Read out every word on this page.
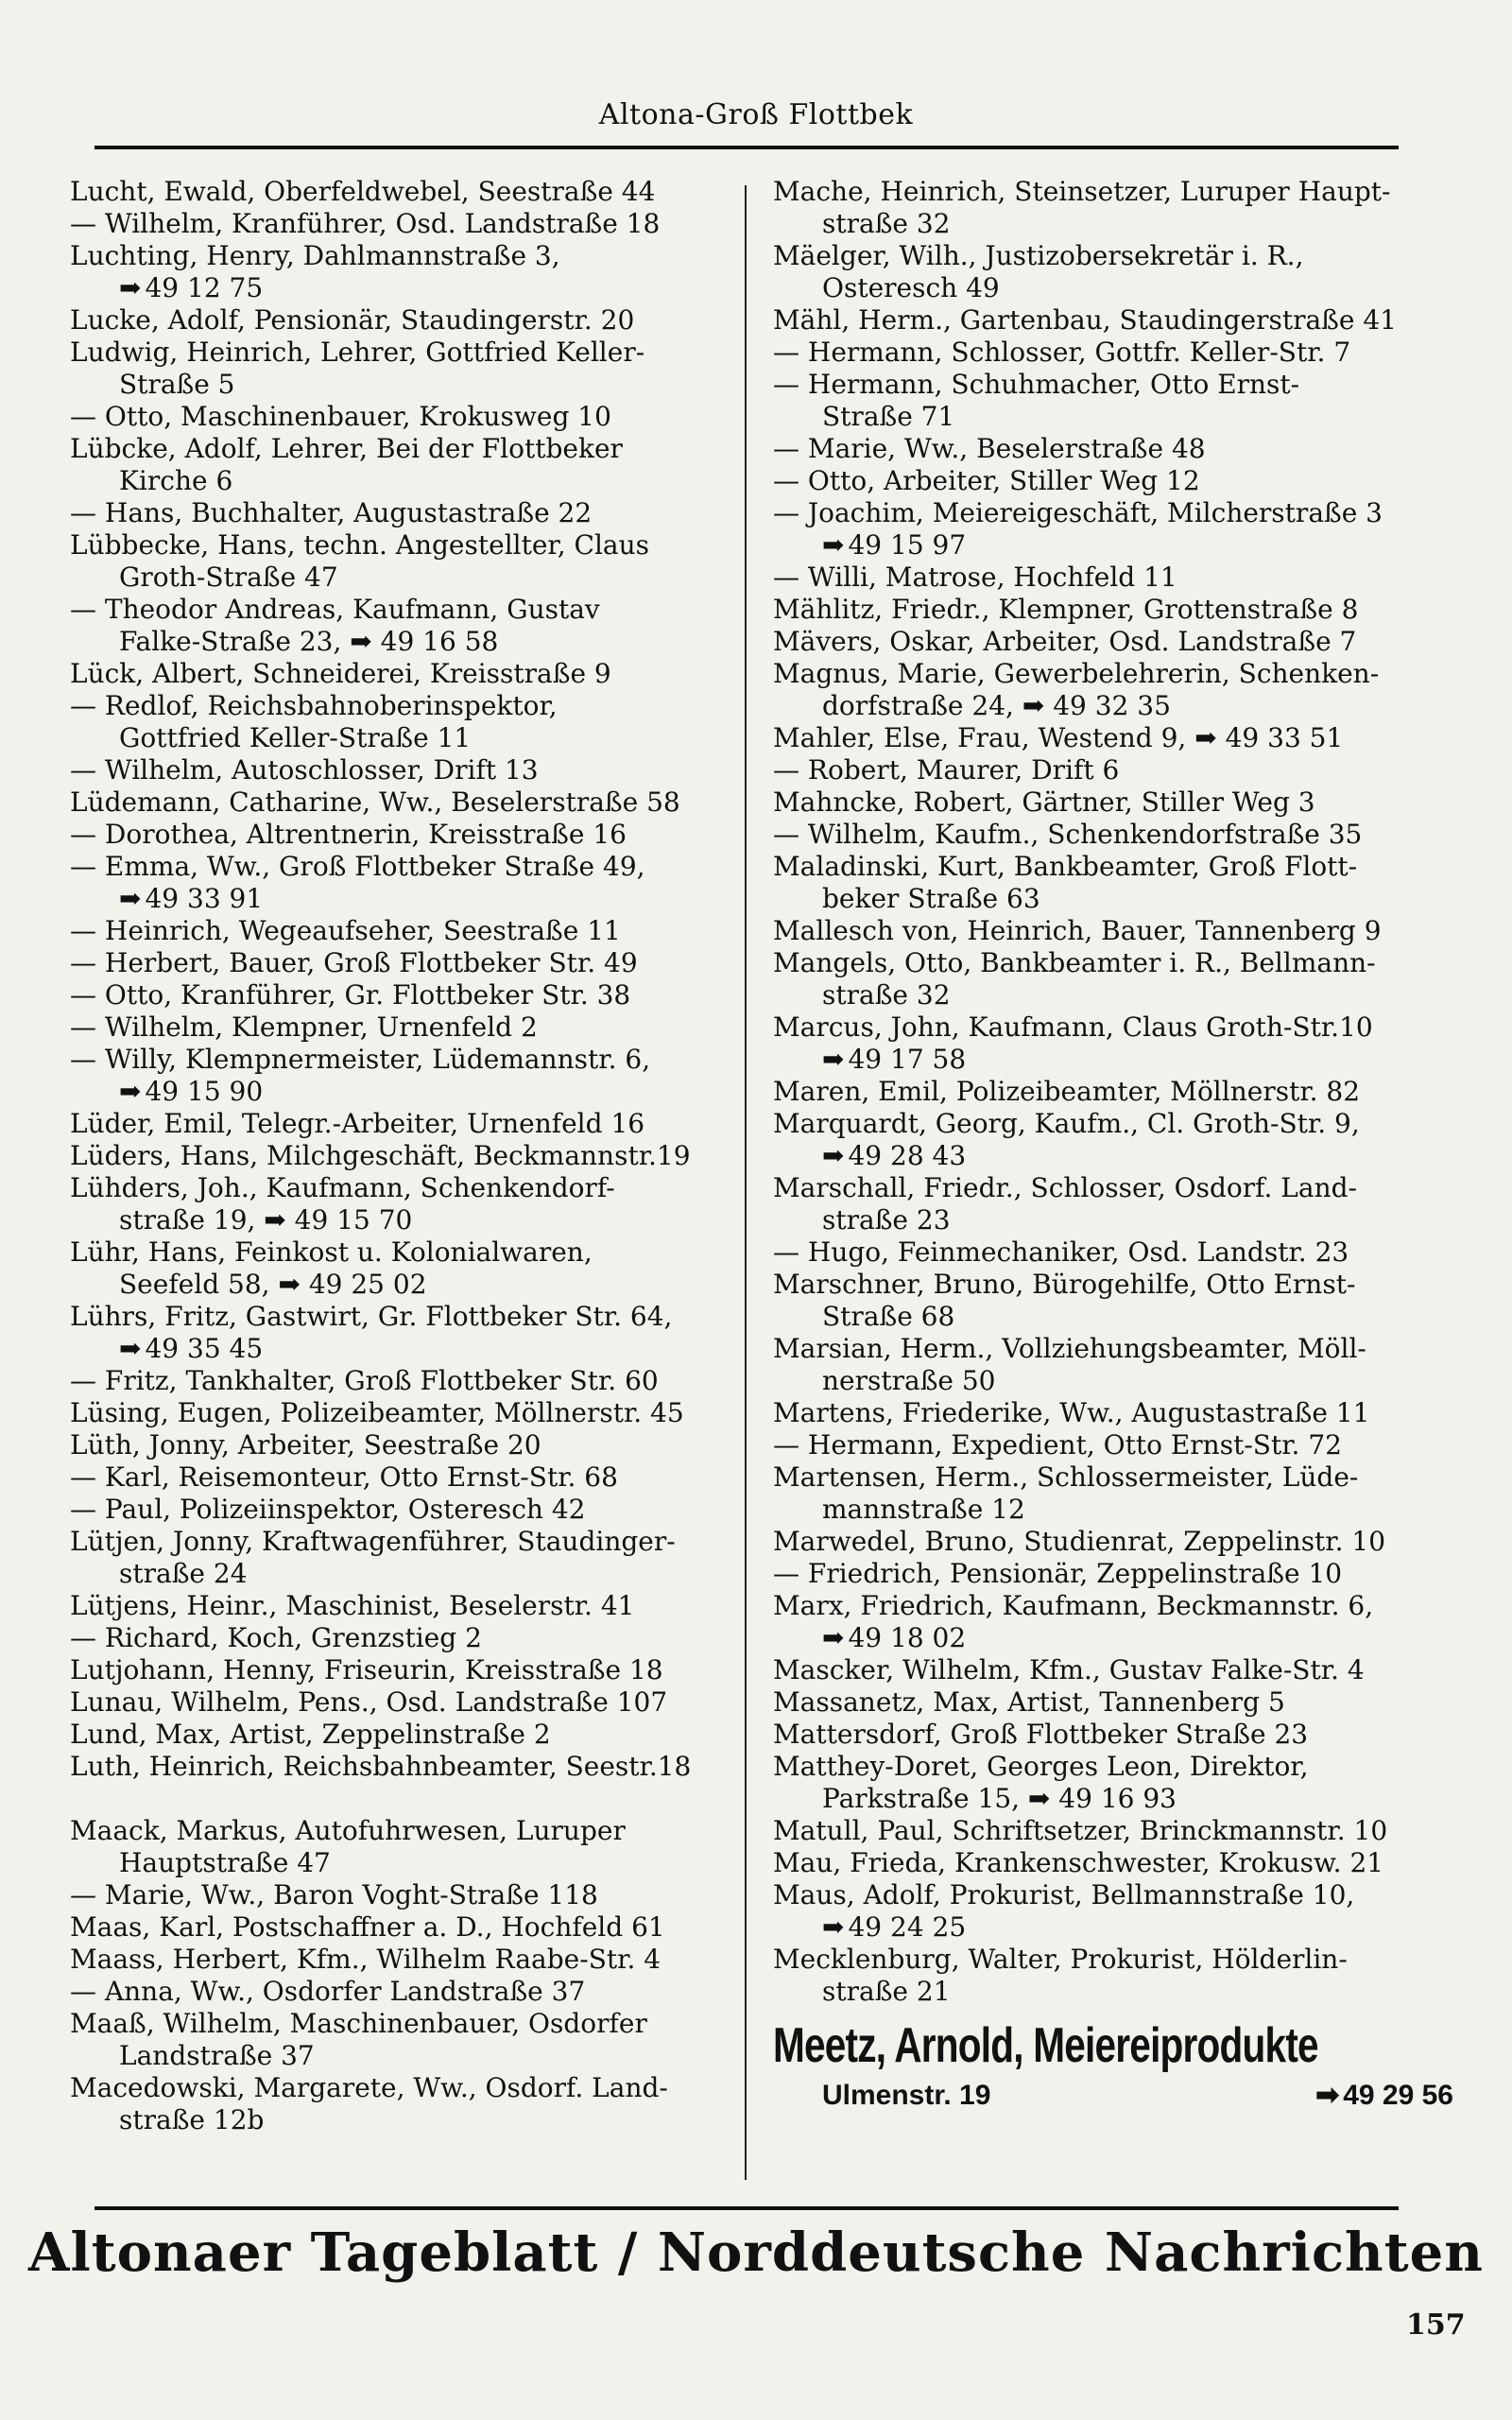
Altona-Groß Flottbek
Lucht, Ewald, Oberfeldwebel, Seestraße 44
— Wilhelm, Kranführer, Osd. Landstraße 18
Luchting, Henry, Dahlmannstraße 3,
➡ 49 12 75
Lucke, Adolf, Pensionär, Staudingerstr. 20
Ludwig, Heinrich, Lehrer, Gottfried Keller-
Straße 5
— Otto, Maschinenbauer, Krokusweg 10
Lübcke, Adolf, Lehrer, Bei der Flottbeker
Kirche 6
— Hans, Buchhalter, Augustastraße 22
Lübbecke, Hans, techn. Angestellter, Claus
Groth-Straße 47
— Theodor Andreas, Kaufmann, Gustav
Falke-Straße 23, ➡ 49 16 58
Lück, Albert, Schneiderei, Kreisstraße 9
— Redlof, Reichsbahnoberinspektor,
Gottfried Keller-Straße 11
— Wilhelm, Autoschlosser, Drift 13
Lüdemann, Catharine, Ww., Beselerstraße 58
— Dorothea, Altrentnerin, Kreisstraße 16
— Emma, Ww., Groß Flottbeker Straße 49,
➡ 49 33 91
— Heinrich, Wegeaufseher, Seestraße 11
— Herbert, Bauer, Groß Flottbeker Str. 49
— Otto, Kranführer, Gr. Flottbeker Str. 38
— Wilhelm, Klempner, Urnenfeld 2
— Willy, Klempnermeister, Lüdemannstr. 6,
➡ 49 15 90
Lüder, Emil, Telegr.-Arbeiter, Urnenfeld 16
Lüders, Hans, Milchgeschäft, Beckmannstr.19
Lühders, Joh., Kaufmann, Schenkendorf-
straße 19, ➡ 49 15 70
Lühr, Hans, Feinkost u. Kolonialwaren,
Seefeld 58, ➡ 49 25 02
Lührs, Fritz, Gastwirt, Gr. Flottbeker Str. 64,
➡ 49 35 45
— Fritz, Tankhalter, Groß Flottbeker Str. 60
Lüsing, Eugen, Polizeibeamter, Möllnerstr. 45
Lüth, Jonny, Arbeiter, Seestraße 20
— Karl, Reisemonteur, Otto Ernst-Str. 68
— Paul, Polizeiinspektor, Osteresch 42
Lütjen, Jonny, Kraftwagenführer, Staudinger-
straße 24
Lütjens, Heinr., Maschinist, Beselerstr. 41
— Richard, Koch, Grenzstieg 2
Lutjohann, Henny, Friseurin, Kreisstraße 18
Lunau, Wilhelm, Pens., Osd. Landstraße 107
Lund, Max, Artist, Zeppelinstraße 2
Luth, Heinrich, Reichsbahnbeamter, Seestr.18
Maack, Markus, Autofuhrwesen, Luruper
Hauptstraße 47
— Marie, Ww., Baron Voght-Straße 118
Maas, Karl, Postschaffner a. D., Hochfeld 61
Maass, Herbert, Kfm., Wilhelm Raabe-Str. 4
— Anna, Ww., Osdorfer Landstraße 37
Maaß, Wilhelm, Maschinenbauer, Osdorfer
Landstraße 37
Macedowski, Margarete, Ww., Osdorf. Land-
straße 12b
Mache, Heinrich, Steinsetzer, Luruper Haupt-
straße 32
Mäelger, Wilh., Justizobersekretär i. R.,
Osteresch 49
Mähl, Herm., Gartenbau, Staudingerstraße 41
— Hermann, Schlosser, Gottfr. Keller-Str. 7
— Hermann, Schuhmacher, Otto Ernst-
Straße 71
— Marie, Ww., Beselerstraße 48
— Otto, Arbeiter, Stiller Weg 12
— Joachim, Meiereigeschäft, Milcherstraße 3
➡ 49 15 97
— Willi, Matrose, Hochfeld 11
Mählitz, Friedr., Klempner, Grottenstraße 8
Mävers, Oskar, Arbeiter, Osd. Landstraße 7
Magnus, Marie, Gewerbelehrerin, Schenken-
dorfstraße 24, ➡ 49 32 35
Mahler, Else, Frau, Westend 9, ➡ 49 33 51
— Robert, Maurer, Drift 6
Mahncke, Robert, Gärtner, Stiller Weg 3
— Wilhelm, Kaufm., Schenkendorfstraße 35
Maladinski, Kurt, Bankbeamter, Groß Flott-
beker Straße 63
Mallesch von, Heinrich, Bauer, Tannenberg 9
Mangels, Otto, Bankbeamter i. R., Bellmann-
straße 32
Marcus, John, Kaufmann, Claus Groth-Str.10
➡ 49 17 58
Maren, Emil, Polizeibeamter, Möllnerstr. 82
Marquardt, Georg, Kaufm., Cl. Groth-Str. 9,
➡ 49 28 43
Marschall, Friedr., Schlosser, Osdorf. Land-
straße 23
— Hugo, Feinmechaniker, Osd. Landstr. 23
Marschner, Bruno, Bürogehilfe, Otto Ernst-
Straße 68
Marsian, Herm., Vollziehungsbeamter, Möll-
nerstraße 50
Martens, Friederike, Ww., Augustastraße 11
— Hermann, Expedient, Otto Ernst-Str. 72
Martensen, Herm., Schlossermeister, Lüde-
mannstraße 12
Marwedel, Bruno, Studienrat, Zeppelinstr. 10
— Friedrich, Pensionär, Zeppelinstraße 10
Marx, Friedrich, Kaufmann, Beckmannstr. 6,
➡ 49 18 02
Mascker, Wilhelm, Kfm., Gustav Falke-Str. 4
Massanetz, Max, Artist, Tannenberg 5
Mattersdorf, Groß Flottbeker Straße 23
Matthey-Doret, Georges Leon, Direktor,
Parkstraße 15, ➡ 49 16 93
Matull, Paul, Schriftsetzer, Brinckmannstr. 10
Mau, Frieda, Krankenschwester, Krokusw. 21
Maus, Adolf, Prokurist, Bellmannstraße 10,
➡ 49 24 25
Mecklenburg, Walter, Prokurist, Hölderlin-
straße 21
Meetz, Arnold, Meiereiprodukte
Ulmenstr. 19	➡ 49 29 56
Altonaer Tageblatt / Norddeutsche Nachrichten
157
